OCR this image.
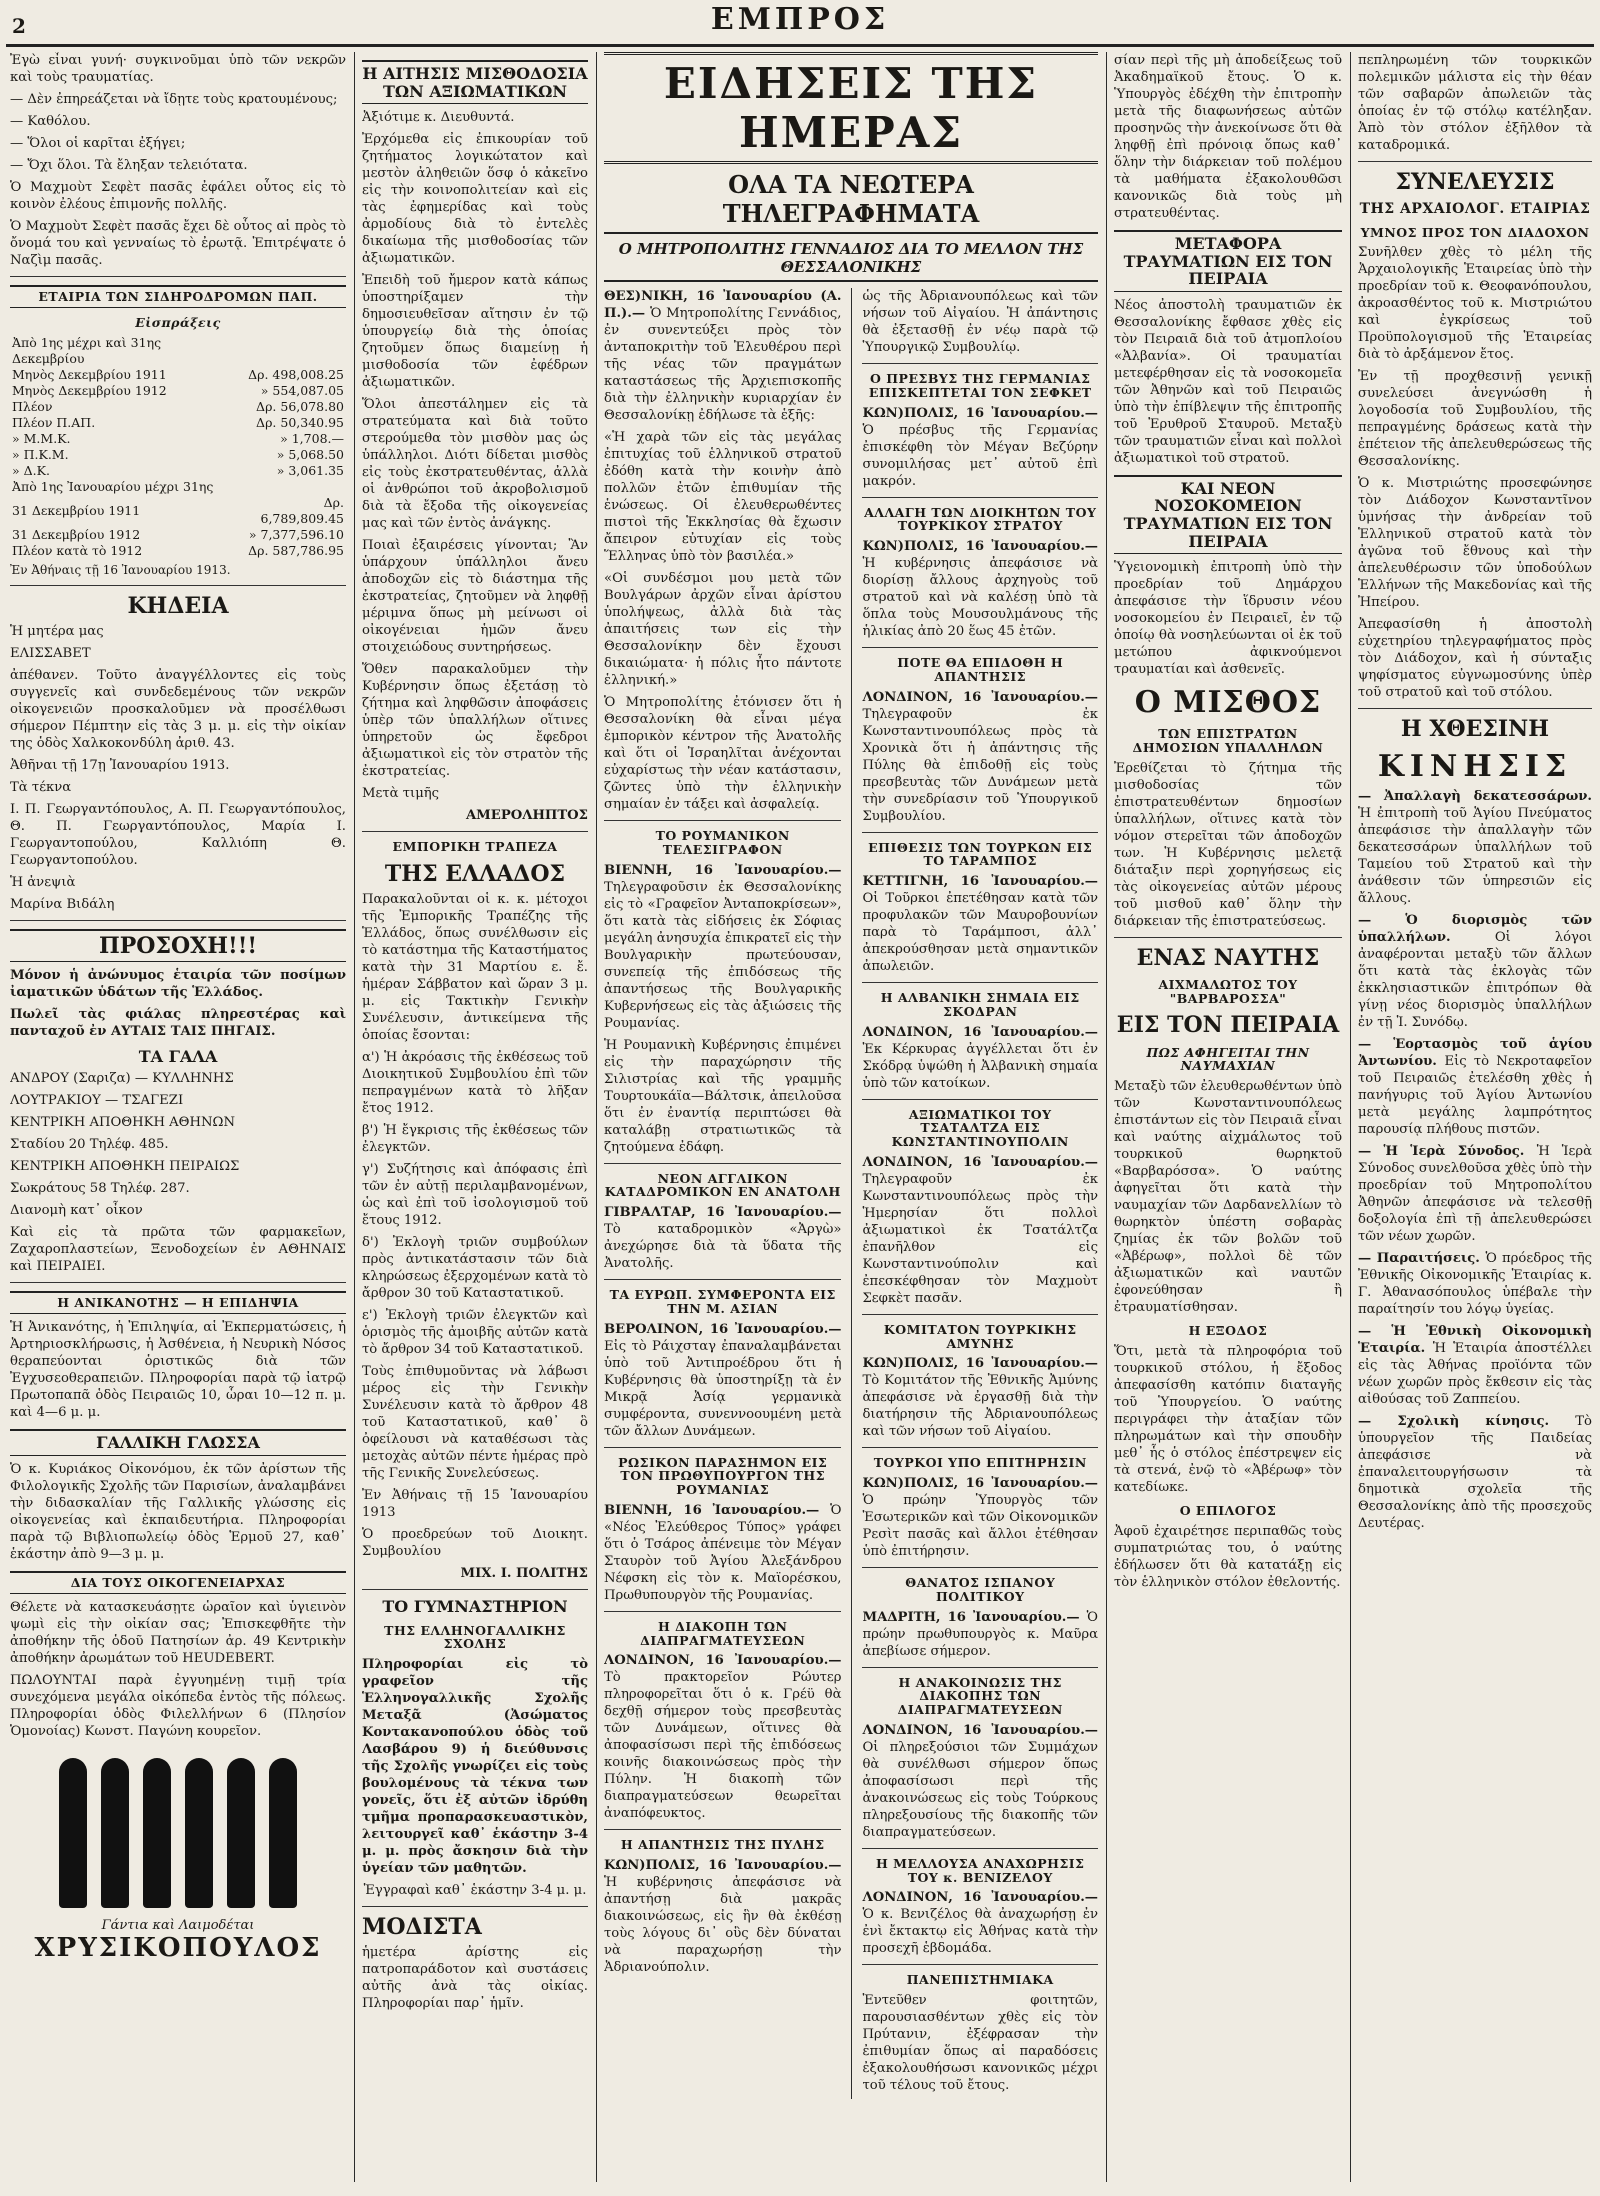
2	ΕΜΠΡΟΣ
Ἐγὼ εἶναι γυνή· συγκινοῦμαι ὑπὸ τῶν νεκρῶν καὶ τοὺς τραυματίας.
— Δὲν ἐπηρεάζεται νὰ ἴδῃτε τοὺς κρατουμένους;
— Καθόλου.
— Ὅλοι οἱ καρῖται ἐξήγει;
— Ὄχι ὅλοι. Τὰ ἔληξαν τελειότατα.
Ὁ Μαχμοὺτ Σεφὲτ πασᾶς ἐφάλει οὗτος εἰς τὸ κοινὸν ἐλέους ἐπιμονῆς πολλῆς.
Ὁ Μαχμοὺτ Σεφὲτ πασᾶς ἔχει δὲ οὗτος αἱ πρὸς τὸ ὄνομά του καὶ γενναίως τὸ ἐρωτᾷ. Ἐπιτρέψατε ὁ Ναζὶμ πασᾶς.
ΕΤΑΙΡΙΑ ΤΩΝ ΣΙΔΗΡΟΔΡΟΜΩΝ ΠΑΠ.
Εἰσπράξεις
Ἀπὸ 1ης μέχρι καὶ 31ης Δεκεμβρίου	
Μηνὸς Δεκεμβρίου 1911	Δρ. 498,008.25
Μηνὸς Δεκεμβρίου 1912	» 554,087.05
Πλέον	Δρ. 56,078.80
Πλέον Π.ΑΠ.	Δρ. 50,340.95
» Μ.Μ.Κ.	» 1,708.—
» Π.Κ.Μ.	» 5,068.50
» Δ.Κ.	» 3,061.35
Ἀπὸ 1ης Ἰανουαρίου μέχρι 31ης	
31 Δεκεμβρίου 1911	Δρ. 6,789,809.45
31 Δεκεμβρίου 1912	» 7,377,596.10
Πλέον κατὰ τὸ 1912	Δρ. 587,786.95
Ἐν Ἀθήναις τῇ 16 Ἰανουαρίου 1913.
ΚΗΔΕΙΑ
Ἡ μητέρα μας
ΕΛΙΣΣΑΒΕΤ
ἀπέθανεν. Τοῦτο ἀναγγέλλοντες εἰς τοὺς συγγενεῖς καὶ συνδεδεμένους τῶν νεκρῶν οἰκογενειῶν προσκαλοῦμεν νὰ προσέλθωσι σήμερον Πέμπτην εἰς τὰς 3 μ. μ. εἰς τὴν οἰκίαν της ὁδὸς Χαλκοκονδύλη ἀριθ. 43.
Ἀθῆναι τῇ 17ῃ Ἰανουαρίου 1913.
Τὰ τέκνα
Ι. Π. Γεωργαντόπουλος, Α. Π. Γεωργαντόπουλος, Θ. Π. Γεωργαντόπουλος, Μαρία Ι. Γεωργαντοπούλου, Καλλιόπη Θ. Γεωργαντοπούλου.
Ἡ ἀνεψιὰ
Μαρίνα Βιδάλη
ΠΡΟΣΟΧΗ!!!
Μόνον ἡ ἀνώνυμος ἑταιρία τῶν ποσίμων ἰαματικῶν ὑδάτων τῆς Ἑλλάδος.
Πωλεῖ τὰς φιάλας πληρεστέρας καὶ πανταχοῦ ἐν ΑΥΤΑΙΣ ΤΑΙΣ ΠΗΓΑΙΣ.
ΤΑ ΓΑΛΑ
ΑΝΔΡΟΥ (Σαριζα) — ΚΥΛΛΗΝΗΣ
ΛΟΥΤΡΑΚΙΟΥ — ΤΣΑΓΕΖΙ
ΚΕΝΤΡΙΚΗ ΑΠΟΘΗΚΗ ΑΘΗΝΩΝ
Σταδίου 20 Τηλέφ. 485.
ΚΕΝΤΡΙΚΗ ΑΠΟΘΗΚΗ ΠΕΙΡΑΙΩΣ
Σωκράτους 58 Τηλέφ. 287.
Διανομὴ κατ᾽ οἶκον
Καὶ εἰς τὰ πρῶτα τῶν φαρμακεῖων, Ζαχαροπλαστείων, Ξενοδοχείων ἐν ΑΘΗΝΑΙΣ καὶ ΠΕΙΡΑΙΕΙ.
Η ΑΝΙΚΑΝΟΤΗΣ — Η ΕΠΙΔΗΨΙΑ
Ἡ Ἀνικανότης, ἡ Ἐπιληψία, αἱ Ἐκπερματώσεις, ἡ Ἀρτηριοσκλήρωσις, ἡ Ἀσθένεια, ἡ Νευρικὴ Νόσος θεραπεύονται ὁριστικῶς διὰ τῶν Ἐγχυσεοθεραπειῶν. Πληροφορίαι παρὰ τῷ ἰατρῷ Πρωτοπαπᾶ ὁδὸς Πειραιῶς 10, ὧραι 10—12 π. μ. καὶ 4—6 μ. μ.
ΓΑΛΛΙΚΗ ΓΛΩΣΣΑ
Ὁ κ. Κυριάκος Οἰκονόμου, ἐκ τῶν ἀρίστων τῆς Φιλολογικῆς Σχολῆς τῶν Παρισίων, ἀναλαμβάνει τὴν διδασκαλίαν τῆς Γαλλικῆς γλώσσης εἰς οἰκογενείας καὶ ἐκπαιδευτήρια. Πληροφορίαι παρὰ τῷ Βιβλιοπωλείῳ ὁδὸς Ἑρμοῦ 27, καθ᾽ ἑκάστην ἀπὸ 9—3 μ. μ.
ΔΙΑ ΤΟΥΣ ΟΙΚΟΓΕΝΕΙΑΡΧΑΣ
Θέλετε νὰ κατασκευάσῃτε ὡραῖον καὶ ὑγιεινὸν ψωμὶ εἰς τὴν οἰκίαν σας; Ἐπισκεφθῆτε τὴν ἀποθήκην τῆς ὁδοῦ Πατησίων ἀρ. 49 Κεντρικὴν ἀποθήκην ἀρωμάτων τοῦ HEUDEBERT.
ΠΩΛΟΥΝΤΑΙ παρὰ ἐγγυημένῃ τιμῇ τρία συνεχόμενα μεγάλα οἰκόπεδα ἐντὸς τῆς πόλεως. Πληροφορίαι ὁδὸς Φιλελλήνων 6 (Πλησίον Ὁμονοίας) Κωνστ. Παγώνη κουρεῖον.
Γάντια καὶ Λαιμοδέται
ΧΡΥΣΙΚΟΠΟΥΛΟΣ
Η ΑΙΤΗΣΙΣ ΜΙΣΘΟΔΟΣΙΑ ΤΩΝ ΑΞΙΩΜΑΤΙΚΩΝ
Ἀξιότιμε κ. Διευθυντά.
Ἐρχόμεθα εἰς ἐπικουρίαν τοῦ ζητήματος λογικώτατον καὶ μεστὸν ἀληθειῶν ὅσφ ὁ κἀκεῖνο εἰς τὴν κοινοπολιτείαν καὶ εἰς τὰς ἐφημερίδας καὶ τοὺς ἀρμοδίους διὰ τὸ ἐντελὲς δικαίωμα τῆς μισθοδοσίας τῶν ἀξιωματικῶν.
Ἐπειδὴ τοῦ ἤμερον κατὰ κάπως ὑποστηρίξαμεν τὴν δημοσιευθεῖσαν αἴτησιν ἐν τῷ ὑπουργείῳ διὰ τὴς ὁποίας ζητοῦμεν ὅπως διαμείνῃ ἡ μισθοδοσία τῶν ἐφέδρων ἀξιωματικῶν.
Ὅλοι ἀπεστάλημεν εἰς τὰ στρατεύματα καὶ διὰ τοῦτο στερούμεθα τὸν μισθὸν μας ὡς ὑπάλληλοι. Διότι δίδεται μισθὸς εἰς τοὺς ἐκστρατευθέντας, ἀλλὰ οἱ ἀνθρώποι τοῦ ἀκροβολισμοῦ διὰ τὰ ἔξοδα τῆς οἰκογενείας μας καὶ τῶν ἐντὸς ἀνάγκης.
Ποιαὶ ἐξαιρέσεις γίνονται; Ἂν ὑπάρχουν ὑπάλληλοι ἄνευ ἀποδοχῶν εἰς τὸ διάστημα τῆς ἐκστρατείας, ζητοῦμεν νὰ ληφθῇ μέριμνα ὅπως μὴ μείνωσι οἱ οἰκογένειαι ἡμῶν ἄνευ στοιχειώδους συντηρήσεως.
Ὅθεν παρακαλοῦμεν τὴν Κυβέρνησιν ὅπως ἐξετάσῃ τὸ ζήτημα καὶ ληφθῶσιν ἀποφάσεις ὑπὲρ τῶν ὑπαλλήλων οἵτινες ὑπηρετοῦν ὡς ἔφεδροι ἀξιωματικοὶ εἰς τὸν στρατὸν τῆς ἐκστρατείας.
Μετὰ τιμῆς
ΑΜΕΡΟΛΗΠΤΟΣ
ΕΜΠΟΡΙΚΗ ΤΡΑΠΕΖΑ
ΤΗΣ ΕΛΛΑΔΟΣ
Παρακαλοῦνται οἱ κ. κ. μέτοχοι τῆς Ἐμπορικῆς Τραπέζης τῆς Ἑλλάδος, ὅπως συνέλθωσιν εἰς τὸ κατάστημα τῆς Καταστήματος κατὰ τὴν 31 Μαρτίου ε. ἔ. ἡμέραν Σάββατον καὶ ὥραν 3 μ. μ. εἰς Τακτικὴν Γενικὴν Συνέλευσιν, ἀντικείμενα τῆς ὁποίας ἔσονται:
α') Ἡ ἀκρόασις τῆς ἐκθέσεως τοῦ Διοικητικοῦ Συμβουλίου ἐπὶ τῶν πεπραγμένων κατὰ τὸ λῆξαν ἔτος 1912.
β') Ἡ ἔγκρισις τῆς ἐκθέσεως τῶν ἐλεγκτῶν.
γ') Συζήτησις καὶ ἀπόφασις ἐπὶ τῶν ἐν αὐτῇ περιλαμβανομένων, ὡς καὶ ἐπὶ τοῦ ἰσολογισμοῦ τοῦ ἔτους 1912.
δ') Ἐκλογὴ τριῶν συμβούλων πρὸς ἀντικατάστασιν τῶν διὰ κληρώσεως ἐξερχομένων κατὰ τὸ ἄρθρον 30 τοῦ Καταστατικοῦ.
ε') Ἐκλογὴ τριῶν ἐλεγκτῶν καὶ ὁρισμὸς τῆς ἀμοιβῆς αὐτῶν κατὰ τὸ ἄρθρον 34 τοῦ Καταστατικοῦ.
Τοὺς ἐπιθυμοῦντας νὰ λάβωσι μέρος εἰς τὴν Γενικὴν Συνέλευσιν κατὰ τὸ ἄρθρον 48 τοῦ Καταστατικοῦ, καθ᾽ ὃ ὀφείλουσι νὰ καταθέσωσι τὰς μετοχὰς αὐτῶν πέντε ἡμέρας πρὸ τῆς Γενικῆς Συνελεύσεως.
Ἐν Ἀθήναις τῇ 15 Ἰανουαρίου 1913
Ὁ προεδρεύων τοῦ Διοικητ. Συμβουλίου
ΜΙΧ. Ι. ΠΟΛΙΤΗΣ
ΤΟ ΓΥΜΝΑΣΤΗΡΙΟΝ
ΤΗΣ ΕΛΛΗΝΟΓΑΛΛΙΚΗΣ ΣΧΟΛΗΣ
Πληροφορίαι εἰς τὸ γραφεῖον τῆς Ἑλληνογαλλικῆς Σχολῆς Μεταξᾶ (Ἀσώματος Κοντακανοπούλου ὁδὸς τοῦ Λασβάρου 9) ἡ διεύθυνσις τῆς Σχολῆς γνωρίζει εἰς τοὺς βουλομένους τὰ τέκνα των γονεῖς, ὅτι ἐξ αὐτῶν ἰδρύθη τμῆμα προπαρασκευαστικὸν, λειτουργεῖ καθ᾽ ἑκάστην 3-4 μ. μ. πρὸς ἄσκησιν διὰ τὴν ὑγείαν τῶν μαθητῶν.
Ἐγγραφαὶ καθ᾽ ἑκάστην 3-4 μ. μ.
ΜΟΔΙΣΤΑ
ἡμετέρα ἀρίστης εἰς πατροπαράδοτον καὶ συστάσεις αὐτῆς ἀνὰ τὰς οἰκίας. Πληροφορίαι παρ᾽ ἡμῖν.
ΕΙΔΗΣΕΙΣ ΤΗΣ ΗΜΕΡΑΣ
ΟΛΑ ΤΑ ΝΕΩΤΕΡΑ ΤΗΛΕΓΡΑΦΗΜΑΤΑ
Ο ΜΗΤΡΟΠΟΛΙΤΗΣ ΓΕΝΝΑΔΙΟΣ ΔΙΑ ΤΟ ΜΕΛΛΟΝ ΤΗΣ ΘΕΣΣΑΛΟΝΙΚΗΣ
ΘΕΣ)ΝΙΚΗ, 16 Ἰανουαρίου (Α. Π.).— Ὁ Μητροπολίτης Γεννάδιος, ἐν συνεντεύξει πρὸς τὸν ἀνταποκριτὴν τοῦ Ἐλευθέρου περὶ τῆς νέας τῶν πραγμάτων καταστάσεως τῆς Ἀρχιεπισκοπῆς διὰ τὴν ἐλληνικὴν κυριαρχίαν ἐν Θεσσαλονίκῃ ἐδήλωσε τὰ ἑξῆς:
«Ἡ χαρὰ τῶν εἰς τὰς μεγάλας ἐπιτυχίας τοῦ ἑλληνικοῦ στρατοῦ ἐδόθη κατὰ τὴν κοινὴν ἀπὸ πολλῶν ἐτῶν ἐπιθυμίαν τῆς ἑνώσεως. Οἱ ἐλευθερωθέντες πιστοὶ τῆς Ἑκκλησίας θὰ ἔχωσιν ἄπειρον εὐτυχίαν εἰς τοὺς Ἕλληνας ὑπὸ τὸν βασιλέα.»
«Οἱ συνδέσμοι μου μετὰ τῶν Βουλγάρων ἀρχῶν εἶναι ἀρίστου ὑπολήψεως, ἀλλὰ διὰ τὰς ἀπαιτήσεις των εἰς τὴν Θεσσαλονίκην δὲν ἔχουσι δικαιώματα· ἡ πόλις ἦτο πάντοτε ἑλληνική.»
Ὁ Μητροπολίτης ἐτόνισεν ὅτι ἡ Θεσσαλονίκη θὰ εἶναι μέγα ἐμπορικὸν κέντρον τῆς Ἀνατολῆς καὶ ὅτι οἱ Ἰσραηλῖται ἀνέχονται εὐχαρίστως τὴν νέαν κατάστασιν, ζῶντες ὑπὸ τὴν ἑλληνικὴν σημαίαν ἐν τάξει καὶ ἀσφαλείᾳ.
ΤΟ ΡΟΥΜΑΝΙΚΟΝ ΤΕΛΕΣΙΓΡΑΦΟΝ
ΒΙΕΝΝΗ, 16 Ἰανουαρίου.— Τηλεγραφοῦσιν ἐκ Θεσσαλονίκης εἰς τὸ «Γραφεῖον Ἀνταποκρίσεων», ὅτι κατὰ τὰς εἰδήσεις ἐκ Σόφιας μεγάλη ἀνησυχία ἐπικρατεῖ εἰς τὴν Βουλγαρικὴν πρωτεύουσαν, συνεπείᾳ τῆς ἐπιδόσεως τῆς ἀπαντήσεως τῆς Βουλγαρικῆς Κυβερνήσεως εἰς τὰς ἀξιώσεις τῆς Ρουμανίας.
Ἡ Ρουμανικὴ Κυβέρνησις ἐπιμένει εἰς τὴν παραχώρησιν τῆς Σιλιστρίας καὶ τῆς γραμμῆς Τουρτουκάϊα—Βάλτσικ, ἀπειλοῦσα ὅτι ἐν ἐναντίᾳ περιπτώσει θὰ καταλάβῃ στρατιωτικῶς τὰ ζητούμενα ἐδάφη.
ΝΕΟΝ ΑΓΓΛΙΚΟΝ ΚΑΤΑΔΡΟΜΙΚΟΝ ΕΝ ΑΝΑΤΟΛΗ
ΓΙΒΡΑΛΤΑΡ, 16 Ἰανουαρίου.— Τὸ καταδρομικὸν «Ἀργὼ» ἀνεχώρησε διὰ τὰ ὕδατα τῆς Ἀνατολῆς.
ΤΑ ΕΥΡΩΠ. ΣΥΜΦΕΡΟΝΤΑ ΕΙΣ ΤΗΝ Μ. ΑΣΙΑΝ
ΒΕΡΟΛΙΝΟΝ, 16 Ἰανουαρίου.— Εἰς τὸ Ράιχσταγ ἐπαναλαμβάνεται ὑπὸ τοῦ Ἀντιπροέδρου ὅτι ἡ Κυβέρνησις θὰ ὑποστηρίξῃ τὰ ἐν Μικρᾷ Ἀσίᾳ γερμανικὰ συμφέροντα, συνεννοουμένη μετὰ τῶν ἄλλων Δυνάμεων.
ΡΩΣΙΚΟΝ ΠΑΡΑΣΗΜΟΝ ΕΙΣ ΤΟΝ ΠΡΩΘΥΠΟΥΡΓΟΝ ΤΗΣ ΡΟΥΜΑΝΙΑΣ
ΒΙΕΝΝΗ, 16 Ἰανουαρίου.— Ὁ «Νέος Ἐλεύθερος Τύπος» γράφει ὅτι ὁ Τσάρος ἀπένειμε τὸν Μέγαν Σταυρὸν τοῦ Ἀγίου Ἀλεξάνδρου Νέφσκη εἰς τὸν κ. Μαϊορέσκου, Πρωθυπουργὸν τῆς Ρουμανίας.
Η ΔΙΑΚΟΠΗ ΤΩΝ ΔΙΑΠΡΑΓΜΑΤΕΥΣΕΩΝ
ΛΟΝΔΙΝΟΝ, 16 Ἰανουαρίου.— Τὸ πρακτορεῖον Ρώυτερ πληροφορεῖται ὅτι ὁ κ. Γρέϋ θὰ δεχθῇ σήμερον τοὺς πρεσβευτὰς τῶν Δυνάμεων, οἵτινες θὰ ἀποφασίσωσι περὶ τῆς ἐπιδόσεως κοινῆς διακοινώσεως πρὸς τὴν Πύλην. Ἡ διακοπὴ τῶν διαπραγματεύσεων θεωρεῖται ἀναπόφευκτος.
Η ΑΠΑΝΤΗΣΙΣ ΤΗΣ ΠΥΛΗΣ
ΚΩΝ)ΠΟΛΙΣ, 16 Ἰανουαρίου.— Ἡ κυβέρνησις ἀπεφάσισε νὰ ἀπαντήσῃ διὰ μακρᾶς διακοινώσεως, εἰς ἣν θὰ ἐκθέσῃ τοὺς λόγους δι᾽ οὓς δὲν δύναται νὰ παραχωρήσῃ τὴν Ἀδριανούπολιν.
ὡς τῆς Ἀδριανουπόλεως καὶ τῶν νήσων τοῦ Αἰγαίου. Ἡ ἀπάντησις θὰ ἐξετασθῇ ἐν νέῳ παρὰ τῷ Ὑπουργικῷ Συμβουλίῳ.
Ο ΠΡΕΣΒΥΣ ΤΗΣ ΓΕΡΜΑΝΙΑΣ ΕΠΙΣΚΕΠΤΕΤΑΙ ΤΟΝ ΣΕΦΚΕΤ
ΚΩΝ)ΠΟΛΙΣ, 16 Ἰανουαρίου.— Ὁ πρέσβυς τῆς Γερμανίας ἐπισκέφθη τὸν Μέγαν Βεζύρην συνομιλήσας μετ᾽ αὐτοῦ ἐπὶ μακρόν.
ΑΛΛΑΓΗ ΤΩΝ ΔΙΟΙΚΗΤΩΝ ΤΟΥ ΤΟΥΡΚΙΚΟΥ ΣΤΡΑΤΟΥ
ΚΩΝ)ΠΟΛΙΣ, 16 Ἰανουαρίου.— Ἡ κυβέρνησις ἀπεφάσισε νὰ διορίσῃ ἄλλους ἀρχηγοὺς τοῦ στρατοῦ καὶ νὰ καλέσῃ ὑπὸ τὰ ὅπλα τοὺς Μουσουλμάνους τῆς ἡλικίας ἀπὸ 20 ἕως 45 ἐτῶν.
ΠΟΤΕ ΘΑ ΕΠΙΔΟΘΗ Η ΑΠΑΝΤΗΣΙΣ
ΛΟΝΔΙΝΟΝ, 16 Ἰανουαρίου.— Τηλεγραφοῦν ἐκ Κωνσταντινουπόλεως πρὸς τὰ Χρονικὰ ὅτι ἡ ἀπάντησις τῆς Πύλης θὰ ἐπιδοθῇ εἰς τοὺς πρεσβευτὰς τῶν Δυνάμεων μετὰ τὴν συνεδρίασιν τοῦ Ὑπουργικοῦ Συμβουλίου.
ΕΠΙΘΕΣΙΣ ΤΩΝ ΤΟΥΡΚΩΝ ΕΙΣ ΤΟ ΤΑΡΑΜΠΟΣ
ΚΕΤΤΙΓΝΗ, 16 Ἰανουαρίου.— Οἱ Τοῦρκοι ἐπετέθησαν κατὰ τῶν προφυλακῶν τῶν Μαυροβουνίων παρὰ τὸ Ταράμποσι, ἀλλ᾽ ἀπεκρούσθησαν μετὰ σημαντικῶν ἀπωλειῶν.
Η ΑΛΒΑΝΙΚΗ ΣΗΜΑΙΑ ΕΙΣ ΣΚΟΔΡΑΝ
ΛΟΝΔΙΝΟΝ, 16 Ἰανουαρίου.— Ἐκ Κέρκυρας ἀγγέλλεται ὅτι ἐν Σκόδρᾳ ὑψώθη ἡ Ἀλβανικὴ σημαία ὑπὸ τῶν κατοίκων.
ΑΞΙΩΜΑΤΙΚΟΙ ΤΟΥ ΤΣΑΤΑΛΤΖΑ ΕΙΣ ΚΩΝΣΤΑΝΤΙΝΟΥΠΟΛΙΝ
ΛΟΝΔΙΝΟΝ, 16 Ἰανουαρίου.— Τηλεγραφοῦν ἐκ Κωνσταντινουπόλεως πρὸς τὴν Ἡμερησίαν ὅτι πολλοὶ ἀξιωματικοὶ ἐκ Τσατάλτζα ἐπανῆλθον εἰς Κωνσταντινούπολιν καὶ ἐπεσκέφθησαν τὸν Μαχμοὺτ Σεφκὲτ πασᾶν.
ΚΟΜΙΤΑΤΟΝ ΤΟΥΡΚΙΚΗΣ ΑΜΥΝΗΣ
ΚΩΝ)ΠΟΛΙΣ, 16 Ἰανουαρίου.— Τὸ Κομιτάτον τῆς Ἐθνικῆς Ἀμύνης ἀπεφάσισε νὰ ἐργασθῇ διὰ τὴν διατήρησιν τῆς Ἀδριανουπόλεως καὶ τῶν νήσων τοῦ Αἰγαίου.
ΤΟΥΡΚΟΙ ΥΠΟ ΕΠΙΤΗΡΗΣΙΝ
ΚΩΝ)ΠΟΛΙΣ, 16 Ἰανουαρίου.— Ὁ πρώην Ὑπουργὸς τῶν Ἐσωτερικῶν καὶ τῶν Οἰκονομικῶν Ρεσὶτ πασᾶς καὶ ἄλλοι ἐτέθησαν ὑπὸ ἐπιτήρησιν.
ΘΑΝΑΤΟΣ ΙΣΠΑΝΟΥ ΠΟΛΙΤΙΚΟΥ
ΜΑΔΡΙΤΗ, 16 Ἰανουαρίου.— Ὁ πρώην πρωθυπουργὸς κ. Μαῦρα ἀπεβίωσε σήμερον.
Η ΑΝΑΚΟΙΝΩΣΙΣ ΤΗΣ ΔΙΑΚΟΠΗΣ ΤΩΝ ΔΙΑΠΡΑΓΜΑΤΕΥΣΕΩΝ
ΛΟΝΔΙΝΟΝ, 16 Ἰανουαρίου.— Οἱ πληρεξούσιοι τῶν Συμμάχων θὰ συνέλθωσι σήμερον ὅπως ἀποφασίσωσι περὶ τῆς ἀνακοινώσεως εἰς τοὺς Τούρκους πληρεξουσίους τῆς διακοπῆς τῶν διαπραγματεύσεων.
Η ΜΕΛΛΟΥΣΑ ΑΝΑΧΩΡΗΣΙΣ ΤΟΥ κ. ΒΕΝΙΖΕΛΟΥ
ΛΟΝΔΙΝΟΝ, 16 Ἰανουαρίου.— Ὁ κ. Βενιζέλος θὰ ἀναχωρήσῃ ἐν ἐνὶ ἔκτακτῳ εἰς Ἀθήνας κατὰ τὴν προσεχῆ ἑβδομάδα.
ΠΑΝΕΠΙΣΤΗΜΙΑΚΑ
Ἐντεῦθεν φοιτητῶν, παρουσιασθέντων χθὲς εἰς τὸν Πρύτανιν, ἐξέφρασαν τὴν ἐπιθυμίαν ὅπως αἱ παραδόσεις ἐξακολουθήσωσι κανονικῶς μέχρι τοῦ τέλους τοῦ ἔτους.
σίαν περὶ τῆς μὴ ἀποδείξεως τοῦ Ἀκαδημαϊκοῦ ἔτους. Ὁ κ. Ὑπουργὸς ἐδέχθη τὴν ἐπιτροπὴν μετὰ τῆς διαφωνήσεως αὐτῶν προσηνῶς τὴν ἀνεκοίνωσε ὅτι θὰ ληφθῇ ἐπὶ πρόνοιᾳ ὅπως καθ᾽ ὅλην τὴν διάρκειαν τοῦ πολέμου τὰ μαθήματα ἐξακολουθῶσι κανονικῶς διὰ τοὺς μὴ στρατευθέντας.
ΜΕΤΑΦΟΡΑ ΤΡΑΥΜΑΤΙΩΝ ΕΙΣ ΤΟΝ ΠΕΙΡΑΙΑ
Νέος ἀποστολὴ τραυματιῶν ἐκ Θεσσαλονίκης ἔφθασε χθὲς εἰς τὸν Πειραιᾶ διὰ τοῦ ἀτμοπλοίου «Ἀλβανία». Οἱ τραυματίαι μετεφέρθησαν εἰς τὰ νοσοκομεῖα τῶν Ἀθηνῶν καὶ τοῦ Πειραιῶς ὑπὸ τὴν ἐπίβλεψιν τῆς ἐπιτροπῆς τοῦ Ἐρυθροῦ Σταυροῦ. Μεταξὺ τῶν τραυματιῶν εἶναι καὶ πολλοὶ ἀξιωματικοὶ τοῦ στρατοῦ.
ΚΑΙ ΝΕΟΝ ΝΟΣΟΚΟΜΕΙΟΝ ΤΡΑΥΜΑΤΙΩΝ ΕΙΣ ΤΟΝ ΠΕΙΡΑΙΑ
Ὑγειονομικὴ ἐπιτροπὴ ὑπὸ τὴν προεδρίαν τοῦ Δημάρχου ἀπεφάσισε τὴν ἵδρυσιν νέου νοσοκομείου ἐν Πειραιεῖ, ἐν τῷ ὁποίῳ θὰ νοσηλεύωνται οἱ ἐκ τοῦ μετώπου ἀφικνούμενοι τραυματίαι καὶ ἀσθενεῖς.
Ο ΜΙΣΘΟΣ
ΤΩΝ ΕΠΙΣΤΡΑΤΩΝ ΔΗΜΟΣΙΩΝ ΥΠΑΛΛΗΛΩΝ
Ἐρεθίζεται τὸ ζήτημα τῆς μισθοδοσίας τῶν ἐπιστρατευθέντων δημοσίων ὑπαλλήλων, οἵτινες κατὰ τὸν νόμον στερεῖται τῶν ἀποδοχῶν των. Ἡ Κυβέρνησις μελετᾷ διάταξιν περὶ χορηγήσεως εἰς τὰς οἰκογενείας αὐτῶν μέρους τοῦ μισθοῦ καθ᾽ ὅλην τὴν διάρκειαν τῆς ἐπιστρατεύσεως.
ΕΝΑΣ ΝΑΥΤΗΣ
ΑΙΧΜΑΛΩΤΟΣ ΤΟΥ "ΒΑΡΒΑΡΟΣΣΑ"
ΕΙΣ ΤΟΝ ΠΕΙΡΑΙΑ
ΠΩΣ ΑΦΗΓΕΙΤΑΙ ΤΗΝ ΝΑΥΜΑΧΙΑΝ
Μεταξὺ τῶν ἐλευθερωθέντων ὑπὸ τῶν Κωνσταντινουπόλεως ἐπιστάντων εἰς τὸν Πειραιᾶ εἶναι καὶ ναύτης αἰχμάλωτος τοῦ τουρκικοῦ θωρηκτοῦ «Βαρβαρόσσα». Ὁ ναύτης ἀφηγεῖται ὅτι κατὰ τὴν ναυμαχίαν τῶν Δαρδανελλίων τὸ θωρηκτὸν ὑπέστη σοβαρὰς ζημίας ἐκ τῶν βολῶν τοῦ «Ἀβέρωφ», πολλοὶ δὲ τῶν ἀξιωματικῶν καὶ ναυτῶν ἐφονεύθησαν ἢ ἐτραυματίσθησαν.
Η ΕΞΟΔΟΣ
Ὅτι, μετὰ τὰ πληροφόρια τοῦ τουρκικοῦ στόλου, ἡ ἔξοδος ἀπεφασίσθη κατόπιν διαταγῆς τοῦ Ὑπουργείου. Ὁ ναύτης περιγράφει τὴν ἀταξίαν τῶν πληρωμάτων καὶ τὴν σπουδὴν μεθ᾽ ἧς ὁ στόλος ἐπέστρεψεν εἰς τὰ στενά, ἐνῷ τὸ «Ἀβέρωφ» τὸν κατεδίωκε.
Ο ΕΠΙΛΟΓΟΣ
Ἀφοῦ ἐχαιρέτησε περιπαθῶς τοὺς συμπατριώτας του, ὁ ναύτης ἐδήλωσεν ὅτι θὰ κατατάξῃ εἰς τὸν ἑλληνικὸν στόλον ἐθελοντής.
πεπληρωμένη τῶν τουρκικῶν πολεμικῶν μάλιστα εἰς τὴν θέαν τῶν σαβαρῶν ἀπωλειῶν τὰς ὁποίας ἐν τῷ στόλῳ κατέληξαν. Ἀπὸ τὸν στόλον ἐξῆλθον τὰ καταδρομικά.
ΣΥΝΕΛΕΥΣΙΣ
ΤΗΣ ΑΡΧΑΙΟΛΟΓ. ΕΤΑΙΡΙΑΣ
ΥΜΝΟΣ ΠΡΟΣ ΤΟΝ ΔΙΑΔΟΧΟΝ
Συνῆλθεν χθὲς τὸ μέλη τῆς Ἀρχαιολογικῆς Ἑταιρείας ὑπὸ τὴν προεδρίαν τοῦ κ. Θεοφανόπουλου, ἀκροασθέντος τοῦ κ. Μιστριώτου καὶ ἐγκρίσεως τοῦ Προϋπολογισμοῦ τῆς Ἑταιρείας διὰ τὸ ἀρξάμενον ἔτος.
Ἐν τῇ προχθεσινῇ γενικῇ συνελεύσει ἀνεγνώσθη ἡ λογοδοσία τοῦ Συμβουλίου, τῆς πεπραγμένης δράσεως κατὰ τὴν ἐπέτειον τῆς ἀπελευθερώσεως τῆς Θεσσαλονίκης.
Ὁ κ. Μιστριώτης προσεφώνησε τὸν Διάδοχον Κωνσταντῖνον ὑμνήσας τὴν ἀνδρείαν τοῦ Ἑλληνικοῦ στρατοῦ κατὰ τὸν ἀγῶνα τοῦ ἔθνους καὶ τὴν ἀπελευθέρωσιν τῶν ὑποδούλων Ἑλλήνων τῆς Μακεδονίας καὶ τῆς Ἠπείρου.
Ἀπεφασίσθη ἡ ἀποστολὴ εὐχετηρίου τηλεγραφήματος πρὸς τὸν Διάδοχον, καὶ ἡ σύνταξις ψηφίσματος εὐγνωμοσύνης ὑπὲρ τοῦ στρατοῦ καὶ τοῦ στόλου.
Η ΧΘΕΣΙΝΗ
ΚΙΝΗΣΙΣ
— Ἀπαλλαγὴ δεκατεσσάρων. Ἡ ἐπιτροπὴ τοῦ Ἁγίου Πνεύματος ἀπεφάσισε τὴν ἀπαλλαγὴν τῶν δεκατεσσάρων ὑπαλλήλων τοῦ Ταμείου τοῦ Στρατοῦ καὶ τὴν ἀνάθεσιν τῶν ὑπηρεσιῶν εἰς ἄλλους.
— Ὁ διορισμὸς τῶν ὑπαλλήλων. Οἱ λόγοι ἀναφέρονται μεταξὺ τῶν ἄλλων ὅτι κατὰ τὰς ἐκλογὰς τῶν ἐκκλησιαστικῶν ἐπιτρόπων θὰ γίνῃ νέος διορισμὸς ὑπαλλήλων ἐν τῇ Ἱ. Συνόδῳ.
— Ἑορτασμὸς τοῦ ἁγίου Ἀντωνίου. Εἰς τὸ Νεκροταφεῖον τοῦ Πειραιῶς ἐτελέσθη χθὲς ἡ πανήγυρις τοῦ Ἁγίου Ἀντωνίου μετὰ μεγάλης λαμπρότητος παρουσίᾳ πλήθους πιστῶν.
— Ἡ Ἱερὰ Σύνοδος. Ἡ Ἱερὰ Σύνοδος συνελθοῦσα χθὲς ὑπὸ τὴν προεδρίαν τοῦ Μητροπολίτου Ἀθηνῶν ἀπεφάσισε νὰ τελεσθῇ δοξολογία ἐπὶ τῇ ἀπελευθερώσει τῶν νέων χωρῶν.
— Παραιτήσεις. Ὁ πρόεδρος τῆς Ἐθνικῆς Οἰκονομικῆς Ἑταιρίας κ. Γ. Ἀθανασόπουλος ὑπέβαλε τὴν παραίτησίν του λόγῳ ὑγείας.
— Ἡ Ἐθνικὴ Οἰκονομικὴ Ἑταιρία. Ἡ Ἑταιρία ἀποστέλλει εἰς τὰς Ἀθήνας προϊόντα τῶν νέων χωρῶν πρὸς ἔκθεσιν εἰς τὰς αἰθούσας τοῦ Ζαππείου.
— Σχολικὴ κίνησις. Τὸ ὑπουργεῖον τῆς Παιδείας ἀπεφάσισε νὰ ἐπαναλειτουργήσωσιν τὰ δημοτικὰ σχολεῖα τῆς Θεσσαλονίκης ἀπὸ τῆς προσεχοῦς Δευτέρας.
